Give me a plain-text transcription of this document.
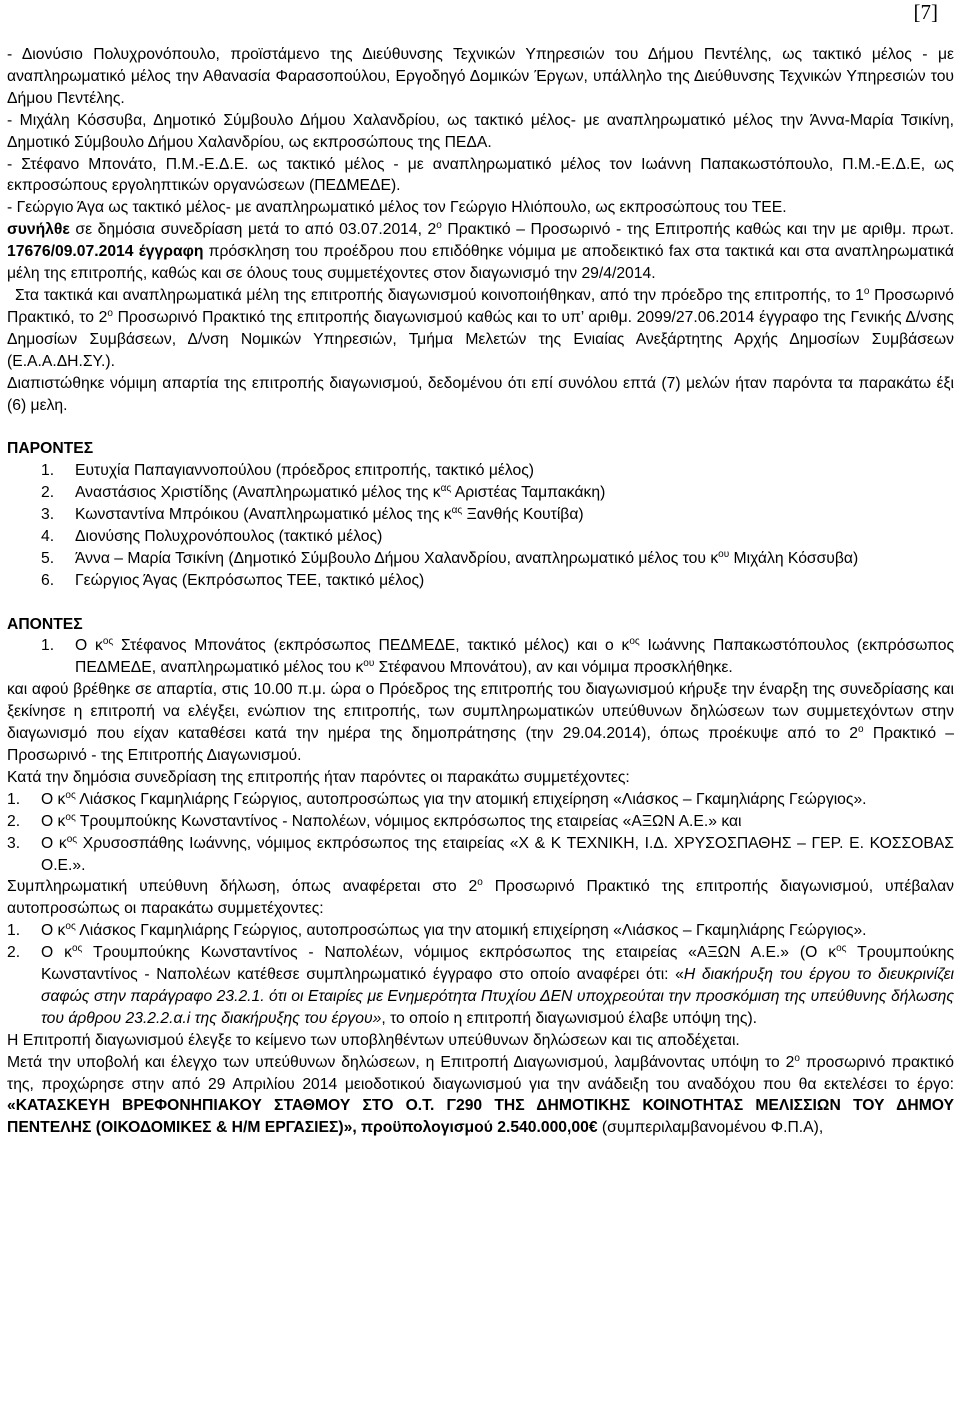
[7]

- Διονύσιο Πολυχρονόπουλο, προϊστάμενο της Διεύθυνσης Τεχνικών Υπηρεσιών του Δήμου Πεντέλης, ως τακτικό μέλος - με αναπληρωματικό μέλος την Αθανασία Φαρασοπούλου, Εργοδηγό Δομικών Έργων, υπάλληλο της Διεύθυνσης Τεχνικών Υπηρεσιών του Δήμου Πεντέλης.

- Μιχάλη Κόσσυβα, Δημοτικό Σύμβουλο Δήμου Χαλανδρίου, ως τακτικό μέλος- με αναπληρωματικό μέλος την Άννα-Μαρία Τσικίνη, Δημοτικό Σύμβουλο Δήμου Χαλανδρίου, ως εκπροσώπους της ΠΕΔΑ.

- Στέφανο Μπονάτο, Π.Μ.-Ε.Δ.Ε. ως τακτικό μέλος - με αναπληρωματικό μέλος τον Ιωάννη Παπακωστόπουλο, Π.Μ.-Ε.Δ.Ε, ως εκπροσώπους εργοληπτικών οργανώσεων (ΠΕΔΜΕΔΕ).

- Γεώργιο Άγα ως τακτικό μέλος- με αναπληρωματικό μέλος τον Γεώργιο Ηλιόπουλο, ως εκπροσώπους του ΤΕΕ.

συνήλθε σε δημόσια συνεδρίαση μετά το από 03.07.2014, $2^o$ Πρακτικό – Προσωρινό - της Επιτροπής καθώς και την με αριθμ. πρωτ. 17676/09.07.2014 έγγραφη πρόσκληση του προέδρου που επιδόθηκε νόμιμα με αποδεικτικό fax στα τακτικά και στα αναπληρωματικά μέλη της επιτροπής, καθώς και σε όλους τους συμμετέχοντες στον διαγωνισμό την 29/4/2014.

Στα τακτικά και αναπληρωματικά μέλη της επιτροπής διαγωνισμού κοινοποιήθηκαν, από την πρόεδρο της επιτροπής, το $1^o$ Προσωρινό Πρακτικό, το $2^o$ Προσωρινό Πρακτικό της επιτροπής διαγωνισμού καθώς και το υπ’ αριθμ. 2099/27.06.2014 έγγραφο της Γενικής Δ/νσης Δημοσίων Συμβάσεων, Δ/νση Νομικών Υπηρεσιών, Τμήμα Μελετών της Ενιαίας Ανεξάρτητης Αρχής Δημοσίων Συμβάσεων (Ε.Α.Α.ΔΗ.ΣΥ.).

Διαπιστώθηκε νόμιμη απαρτία της επιτροπής διαγωνισμού, δεδομένου ότι επί συνόλου επτά (7) μελών ήταν παρόντα τα παρακάτω έξι (6) μελη.

ΠΑΡΟΝΤΕΣ

1.	Ευτυχία Παπαγιαννοπούλου (πρόεδρος επιτροπής, τακτικό μέλος)
2.	Αναστάσιος Χριστίδης (Αναπληρωματικό μέλος της $\kappa^{\alpha\varsigma}$ Αριστέας Ταμπακάκη)
3.	Κωνσταντίνα Μπρόικου (Αναπληρωματικό μέλος της $\kappa^{\alpha\varsigma}$ Ξανθής Κουτίβα)
4.	Διονύσης Πολυχρονόπουλος (τακτικό μέλος)
5.	Άννα – Μαρία Τσικίνη (Δημοτικό Σύμβουλο Δήμου Χαλανδρίου, αναπληρωματικό μέλος του $\kappa^{o\upsilon}$ Μιχάλη Κόσσυβα)
6.	Γεώργιος Άγας (Εκπρόσωπος ΤΕΕ, τακτικό μέλος)

ΑΠΟΝΤΕΣ

1.	Ο $\kappa^{o\varsigma}$ Στέφανος Μπονάτος (εκπρόσωπος ΠΕΔΜΕΔΕ, τακτικό μέλος) και ο $\kappa^{o\varsigma}$ Ιωάννης Παπακωστόπουλος (εκπρόσωπος ΠΕΔΜΕΔΕ, αναπληρωματικό μέλος του $\kappa^{o\upsilon}$ Στέφανου Μπονάτου), αν και νόμιμα προσκλήθηκε.

και αφού βρέθηκε σε απαρτία, στις 10.00 π.μ. ώρα ο Πρόεδρος της επιτροπής του διαγωνισμού κήρυξε την έναρξη της συνεδρίασης και ξεκίνησε η επιτροπή να ελέγξει, ενώπιον της επιτροπής, των συμπληρωματικών υπεύθυνων δηλώσεων των συμμετεχόντων στην διαγωνισμό που είχαν καταθέσει κατά την ημέρα της δημοπράτησης (την 29.04.2014), όπως προέκυψε από το $2^o$ Πρακτικό – Προσωρινό - της Επιτροπής Διαγωνισμού.

Κατά την δημόσια συνεδρίαση της επιτροπής ήταν παρόντες οι παρακάτω συμμετέχοντες:

1.	Ο $\kappa^{o\varsigma}$ Λιάσκος Γκαμηλιάρης Γεώργιος, αυτοπροσώπως για την ατομική επιχείρηση «Λιάσκος – Γκαμηλιάρης Γεώργιος».
2.	Ο $\kappa^{o\varsigma}$ Τρουμπούκης Κωνσταντίνος - Ναπολέων, νόμιμος εκπρόσωπος της εταιρείας «ΑΞΩΝ Α.Ε.» και
3.	Ο $\kappa^{o\varsigma}$ Χρυσοσπάθης Ιωάννης, νόμιμος εκπρόσωπος της εταιρείας «Χ & Κ ΤΕΧΝΙΚΗ, Ι.Δ. ΧΡΥΣΟΣΠΑΘΗΣ – ΓΕΡ. Ε. ΚΟΣΣΟΒΑΣ Ο.Ε.».

Συμπληρωματική υπεύθυνη δήλωση, όπως αναφέρεται στο $2^o$ Προσωρινό Πρακτικό της επιτροπής διαγωνισμού, υπέβαλαν αυτοπροσώπως οι παρακάτω συμμετέχοντες:

1.	Ο $\kappa^{o\varsigma}$ Λιάσκος Γκαμηλιάρης Γεώργιος, αυτοπροσώπως για την ατομική επιχείρηση «Λιάσκος – Γκαμηλιάρης Γεώργιος».
2.	Ο $\kappa^{o\varsigma}$ Τρουμπούκης Κωνσταντίνος - Ναπολέων, νόμιμος εκπρόσωπος της εταιρείας «ΑΞΩΝ Α.Ε.» (Ο $\kappa^{o\varsigma}$ Τρουμπούκης Κωνσταντίνος - Ναπολέων κατέθεσε συμπληρωματικό έγγραφο στο οποίο αναφέρει ότι: «Η διακήρυξη του έργου το διευκρινίζει σαφώς στην παράγραφο 23.2.1. ότι οι Εταιρίες με Ενημερότητα Πτυχίου ΔΕΝ υποχρεούται την προσκόμιση της υπεύθυνης δήλωσης του άρθρου 23.2.2.α.i της διακήρυξης του έργου», το οποίο η επιτροπή διαγωνισμού έλαβε υπόψη της).

Η Επιτροπή διαγωνισμού έλεγξε το κείμενο των υποβληθέντων υπεύθυνων δηλώσεων και τις αποδέχεται.

Μετά την υποβολή και έλεγχο των υπεύθυνων δηλώσεων, η Επιτροπή Διαγωνισμού, λαμβάνοντας υπόψη το $2^o$ προσωρινό πρακτικό της, προχώρησε στην από 29 Απριλίου 2014 μειοδοτικού διαγωνισμού για την ανάδειξη του αναδόχου που θα εκτελέσει το έργο: «ΚΑΤΑΣΚΕΥΗ ΒΡΕΦΟΝΗΠΙΑΚΟΥ ΣΤΑΘΜΟΥ ΣΤΟ Ο.Τ. Γ290 ΤΗΣ ΔΗΜΟΤΙΚΗΣ ΚΟΙΝΟΤΗΤΑΣ ΜΕΛΙΣΣΙΩΝ ΤΟΥ ΔΗΜΟΥ ΠΕΝΤΕΛΗΣ (ΟΙΚΟΔΟΜΙΚΕΣ & Η/Μ ΕΡΓΑΣΙΕΣ)», προϋπολογισμού 2.540.000,00€ (συμπεριλαμβανομένου Φ.Π.Α),
